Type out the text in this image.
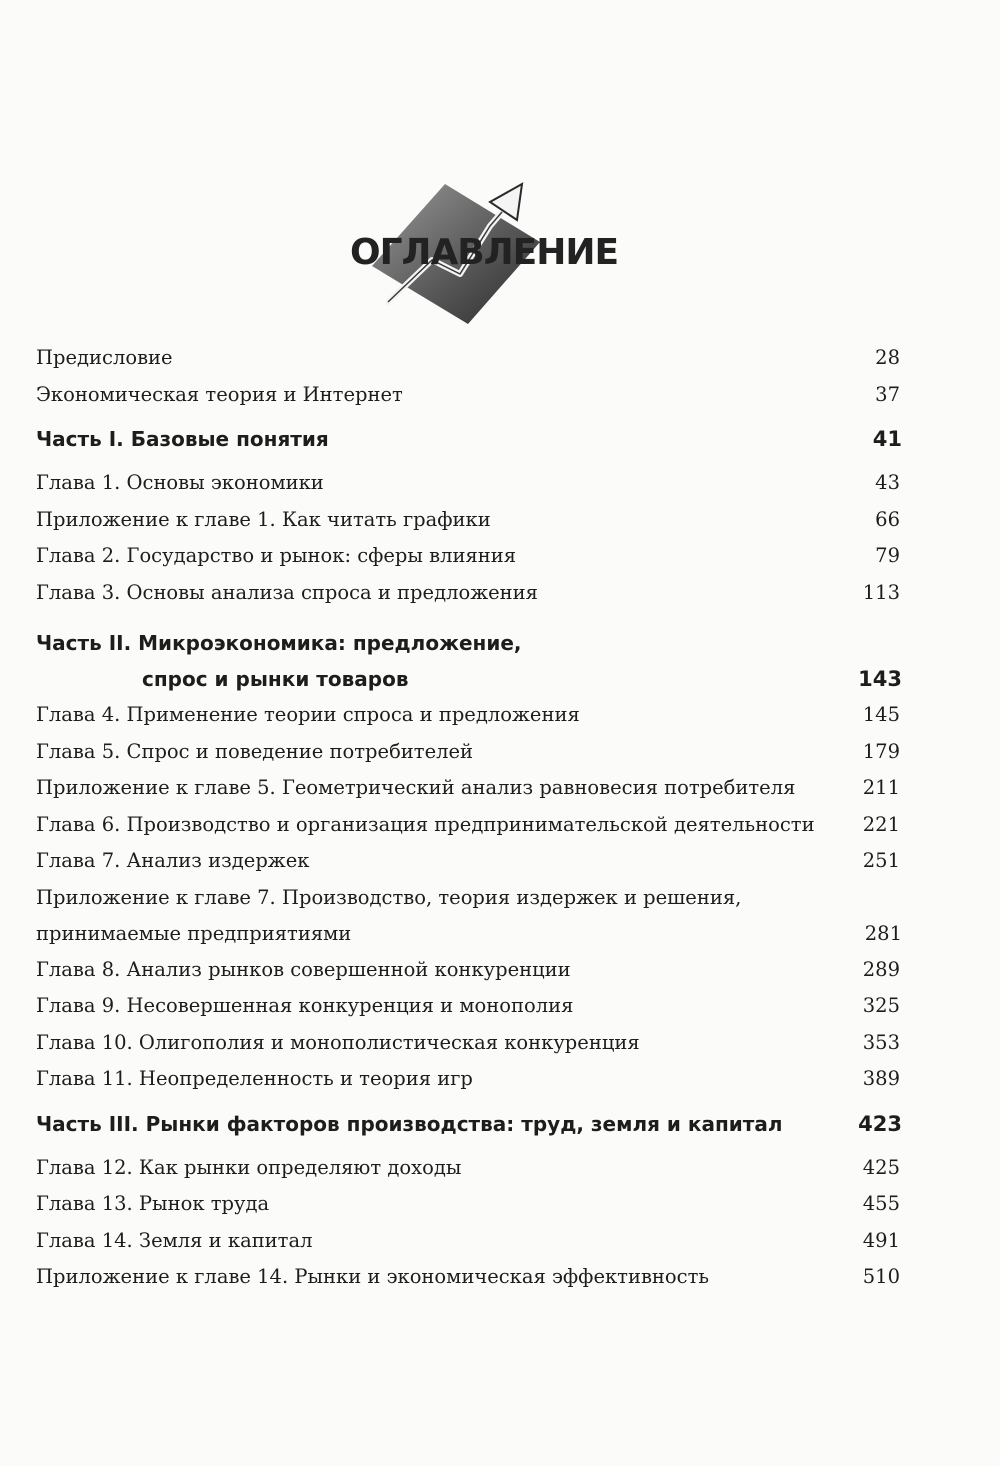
ОГЛАВЛЕНИЕ
Предисловие	28
Экономическая теория и Интернет	37
Часть I. Базовые понятия	41
Глава 1. Основы экономики	43
Приложение к главе 1. Как читать графики	66
Глава 2. Государство и рынок: сферы влияния	79
Глава 3. Основы анализа спроса и предложения	113
Часть II. Микроэкономика: предложение,
спрос и рынки товаров	143
Глава 4. Применение теории спроса и предложения	145
Глава 5. Спрос и поведение потребителей	179
Приложение к главе 5. Геометрический анализ равновесия потребителя	211
Глава 6. Производство и организация предпринимательской деятельности 221
Глава 7. Анализ издержек	251
Приложение к главе 7. Производство, теория издержек и решения,
принимаемые предприятиями	281
Глава 8. Анализ рынков совершенной конкуренции	289
Глава 9. Несовершенная конкуренция и монополия	325
Глава 10. Олигополия и монополистическая конкуренция	353
Глава 11. Неопределенность и теория игр	389
Часть III. Рынки факторов производства: труд, земля и капитал	423
Глава 12. Как рынки определяют доходы	425
Глава 13. Рынок труда	455
Глава 14. Земля и капитал	491
Приложение к главе 14. Рынки и экономическая эффективность	510
